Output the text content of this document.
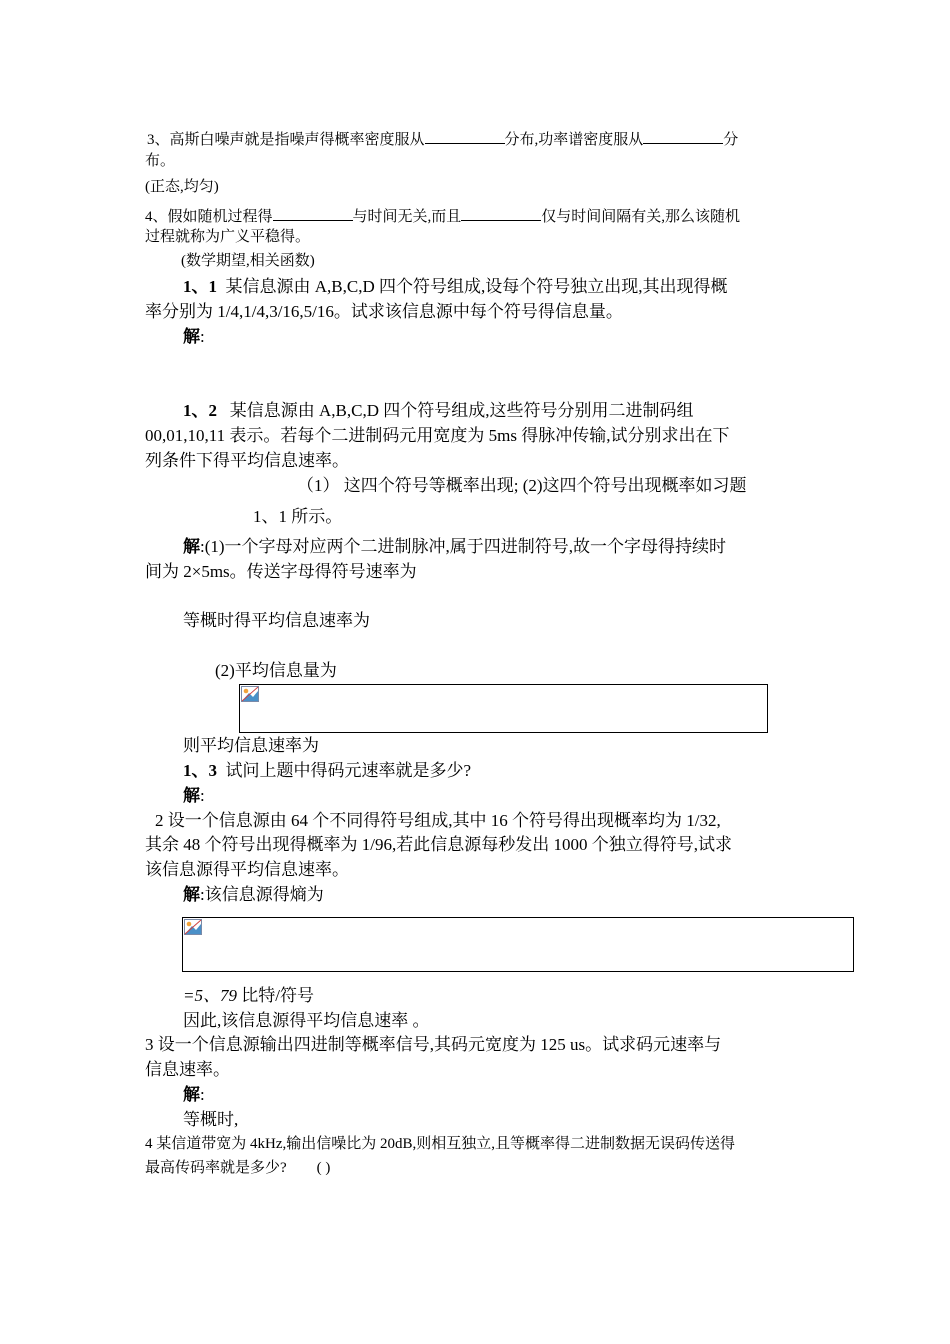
3、高斯白噪声就是指噪声得概率密度服从	分布,功率谱密度服从	分
布。
(正态,均匀)
4、假如随机过程得	与时间无关,而且	仅与时间间隔有关,那么该随机
过程就称为广义平稳得。
(数学期望,相关函数)
1、1 某信息源由 A,B,C,D 四个符号组成,设每个符号独立出现,其出现得概
率分别为 1/4,1/4,3/16,5/16。试求该信息源中每个符号得信息量。
解:
1、2 某信息源由 A,B,C,D 四个符号组成,这些符号分别用二进制码组
00,01,10,11 表示。若每个二进制码元用宽度为 5ms 得脉冲传输,试分别求出在下
列条件下得平均信息速率。
（1） 这四个符号等概率出现; (2)这四个符号出现概率如习题
1、1 所示。
解:(1)一个字母对应两个二进制脉冲,属于四进制符号,故一个字母得持续时
间为 2×5ms。传送字母得符号速率为
等概时得平均信息速率为
(2)平均信息量为
则平均信息速率为
1、3 试问上题中得码元速率就是多少?
解:
2 设一个信息源由 64 个不同得符号组成,其中 16 个符号得出现概率均为 1/32,
其余 48 个符号出现得概率为 1/96,若此信息源每秒发出 1000 个独立得符号,试求
该信息源得平均信息速率。
解:该信息源得熵为
=5、79 比特/符号
因此,该信息源得平均信息速率 。
3 设一个信息源输出四进制等概率信号,其码元宽度为 125 us。试求码元速率与
信息速率。
解:
等概时,
4 某信道带宽为 4kHz,输出信噪比为 20dB,则相互独立,且等概率得二进制数据无误码传送得
最高传码率就是多少? ( )
